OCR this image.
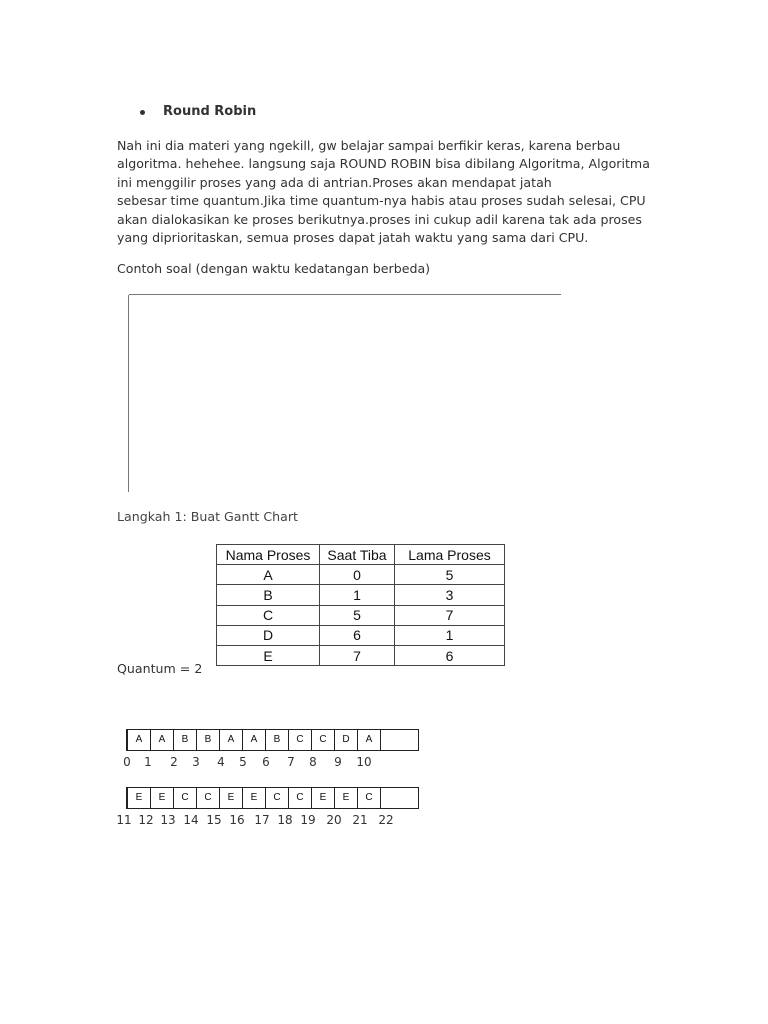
Round Robin
Nah ini dia materi yang ngekill, gw belajar sampai berfikir keras, karena berbau
algoritma. hehehee. langsung saja ROUND ROBIN bisa dibilang Algoritma, Algoritma
ini menggilir proses yang ada di antrian.Proses akan mendapat jatah
sebesar time quantum.Jika time quantum-nya habis atau proses sudah selesai, CPU
akan dialokasikan ke proses berikutnya.proses ini cukup adil karena tak ada proses
yang diprioritaskan, semua proses dapat jatah waktu yang sama dari CPU.
Contoh soal (dengan waktu kedatangan berbeda)
Langkah 1: Buat Gantt Chart
Nama Proses	Saat Tiba	Lama Proses
A	0	5
B	1	3
C	5	7
D	6	1
E	7	6
Quantum = 2
A	A	B	B	A	A	B	C	C	D	A
0 1 2 3 4 5 6 7 8 9 10
E	E	C	C	E	E	C	C	E	E	C
11 12 13 14 15 16 17 18 19 20 21 22
